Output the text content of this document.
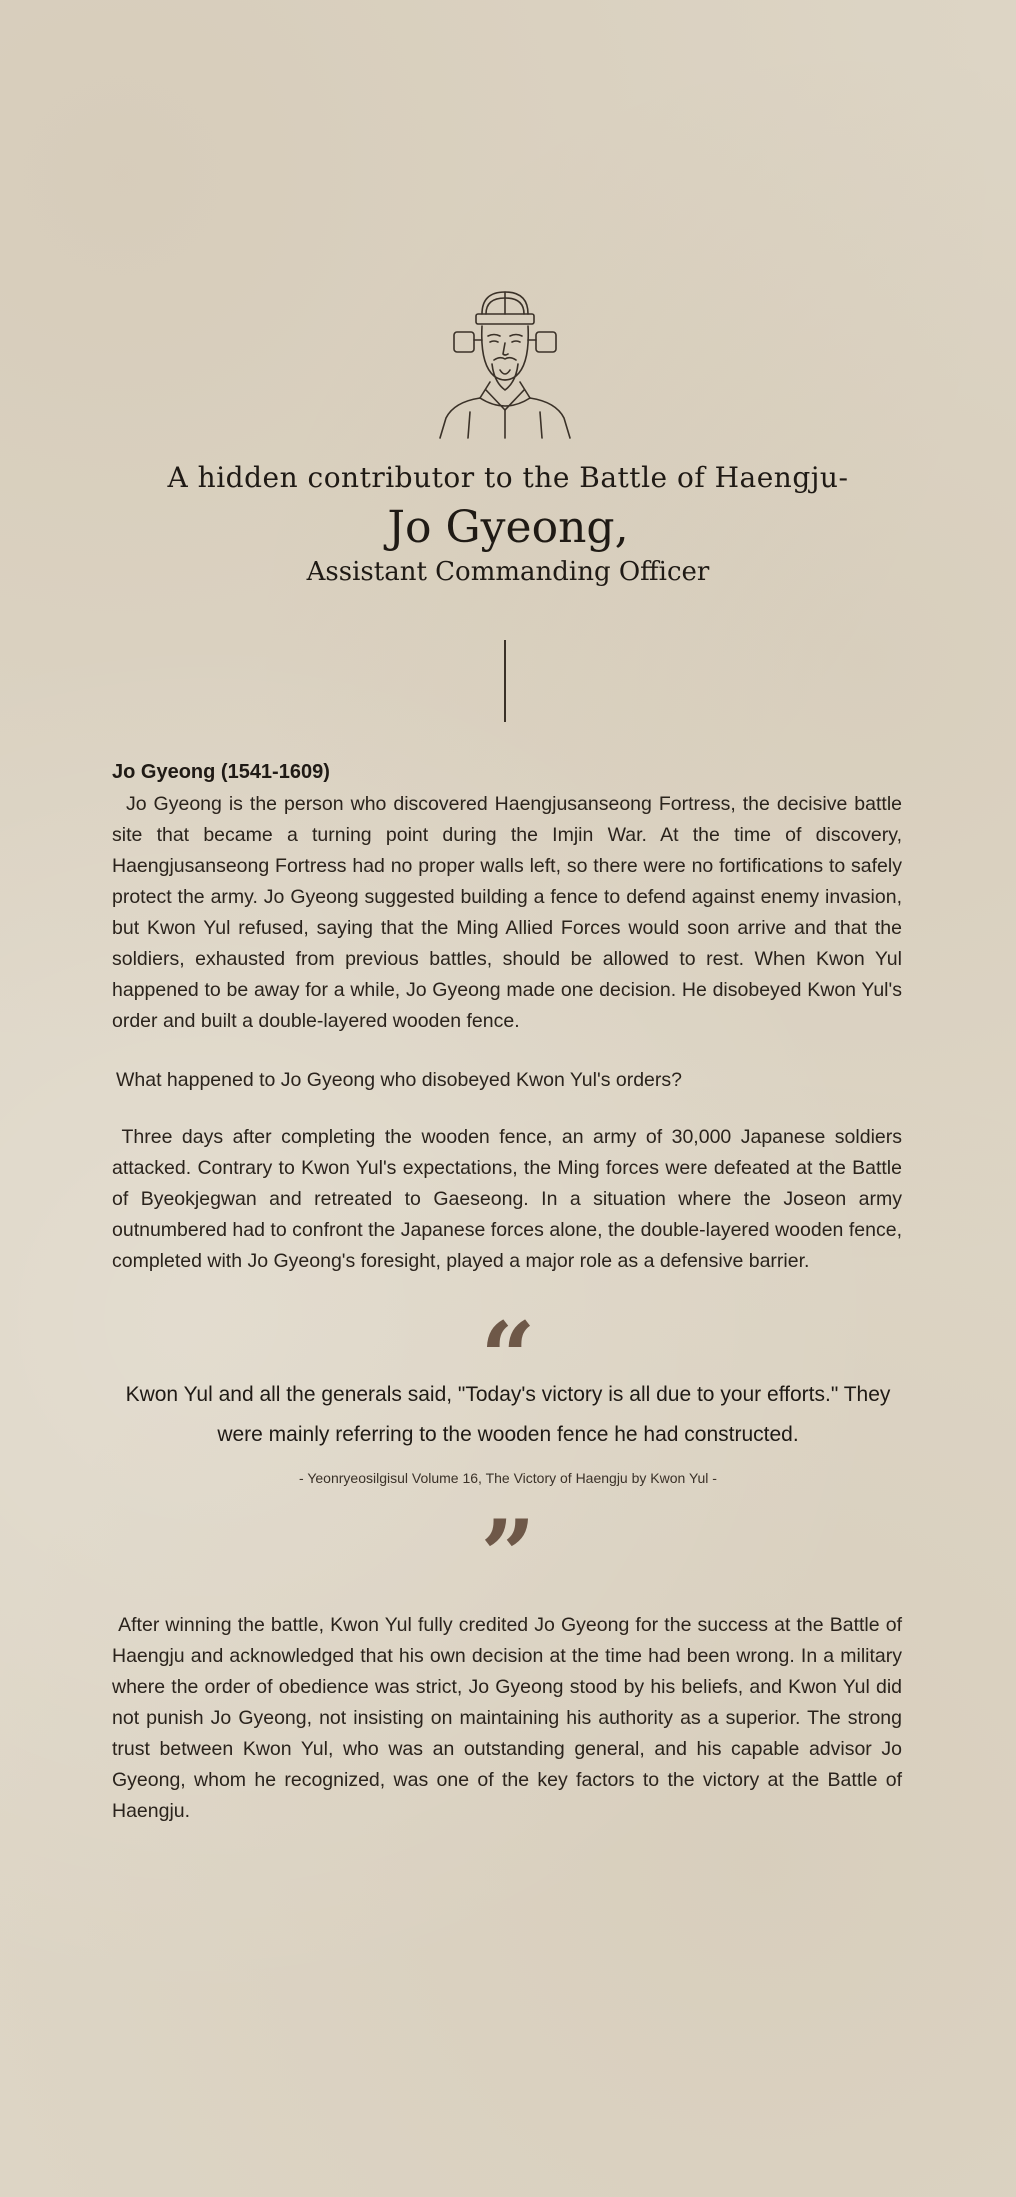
A hidden contributor to the Battle of Haengju-
Jo Gyeong,
Assistant Commanding Officer
Jo Gyeong (1541-1609)
Jo Gyeong is the person who discovered Haengjusanseong Fortress, the decisive battle site that became a turning point during the Imjin War. At the time of discovery, Haengjusanseong Fortress had no proper walls left, so there were no fortifications to safely protect the army. Jo Gyeong suggested building a fence to defend against enemy invasion, but Kwon Yul refused, saying that the Ming Allied Forces would soon arrive and that the soldiers, exhausted from previous battles, should be allowed to rest. When Kwon Yul happened to be away for a while, Jo Gyeong made one decision. He disobeyed Kwon Yul's order and built a double-layered wooden fence.
What happened to Jo Gyeong who disobeyed Kwon Yul's orders?
Three days after completing the wooden fence, an army of 30,000 Japanese soldiers attacked. Contrary to Kwon Yul's expectations, the Ming forces were defeated at the Battle of Byeokjegwan and retreated to Gaeseong. In a situation where the Joseon army outnumbered had to confront the Japanese forces alone, the double-layered wooden fence, completed with Jo Gyeong's foresight, played a major role as a defensive barrier.
“
Kwon Yul and all the generals said, "Today's victory is all due to your efforts." They were mainly referring to the wooden fence he had constructed.
- Yeonryeosilgisul Volume 16, The Victory of Haengju by Kwon Yul -
”
After winning the battle, Kwon Yul fully credited Jo Gyeong for the success at the Battle of Haengju and acknowledged that his own decision at the time had been wrong. In a military where the order of obedience was strict, Jo Gyeong stood by his beliefs, and Kwon Yul did not punish Jo Gyeong, not insisting on maintaining his authority as a superior. The strong trust between Kwon Yul, who was an outstanding general, and his capable advisor Jo Gyeong, whom he recognized, was one of the key factors to the victory at the Battle of Haengju.
